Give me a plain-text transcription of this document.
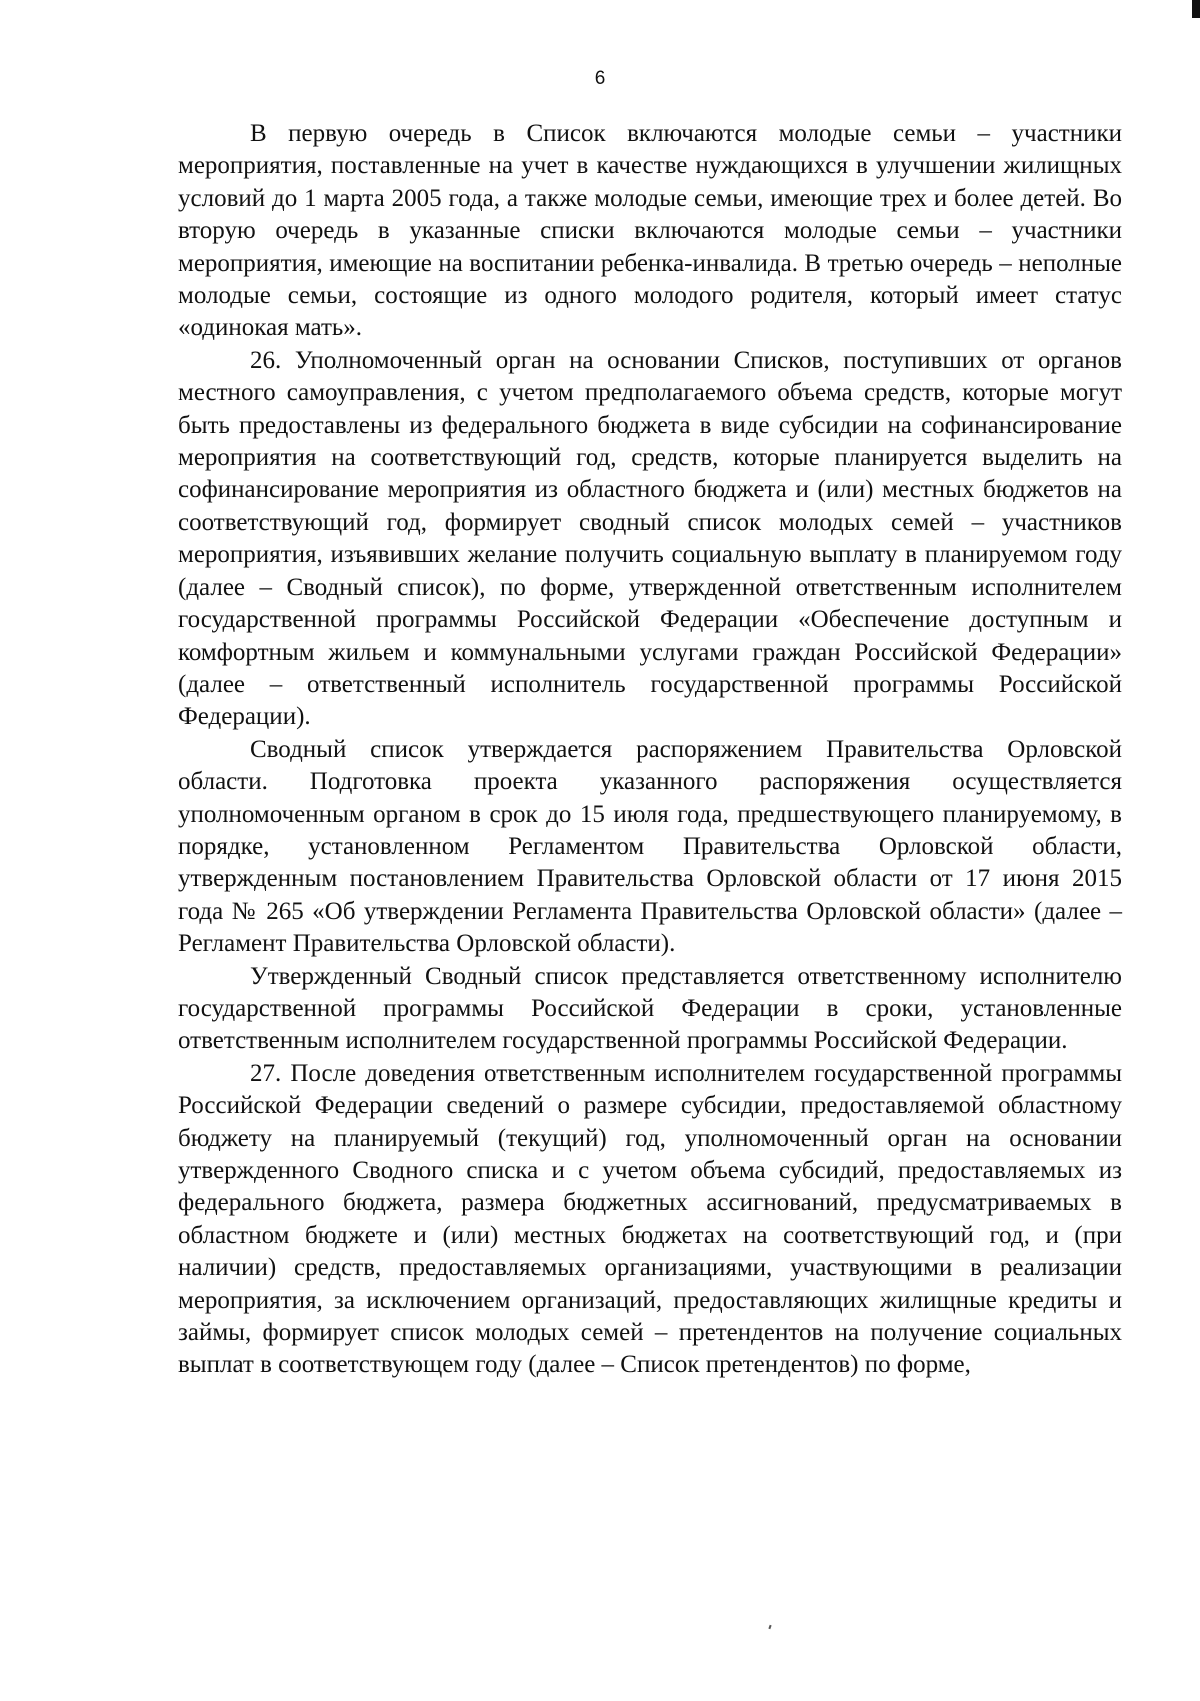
6

В первую очередь в Список включаются молодые семьи – участники мероприятия, поставленные на учет в качестве нуждающихся в улучшении жилищных условий до 1 марта 2005 года, а также молодые семьи, имеющие трех и более детей. Во вторую очередь в указанные списки включаются молодые семьи – участники мероприятия, имеющие на воспитании ребенка-инвалида. В третью очередь – неполные молодые семьи, состоящие из одного молодого родителя, который имеет статус «одинокая мать».

26. Уполномоченный орган на основании Списков, поступивших от органов местного самоуправления, с учетом предполагаемого объема средств, которые могут быть предоставлены из федерального бюджета в виде субсидии на софинансирование мероприятия на соответствующий год, средств, которые планируется выделить на софинансирование мероприятия из областного бюджета и (или) местных бюджетов на соответствующий год, формирует сводный список молодых семей – участников мероприятия, изъявивших желание получить социальную выплату в планируемом году (далее – Сводный список), по форме, утвержденной ответственным исполнителем государственной программы Российской Федерации «Обеспечение доступным и комфортным жильем и коммунальными услугами граждан Российской Федерации» (далее – ответственный исполнитель государственной программы Российской Федерации).

Сводный список утверждается распоряжением Правительства Орловской области. Подготовка проекта указанного распоряжения осуществляется уполномоченным органом в срок до 15 июля года, предшествующего планируемому, в порядке, установленном Регламентом Правительства Орловской области, утвержденным постановлением Правительства Орловской области от 17 июня 2015 года № 265 «Об утверждении Регламента Правительства Орловской области» (далее – Регламент Правительства Орловской области).

Утвержденный Сводный список представляется ответственному исполнителю государственной программы Российской Федерации в сроки, установленные ответственным исполнителем государственной программы Российской Федерации.

27. После доведения ответственным исполнителем государственной программы Российской Федерации сведений о размере субсидии, предоставляемой областному бюджету на планируемый (текущий) год, уполномоченный орган на основании утвержденного Сводного списка и с учетом объема субсидий, предоставляемых из федерального бюджета, размера бюджетных ассигнований, предусматриваемых в областном бюджете и (или) местных бюджетах на соответствующий год, и (при наличии) средств, предоставляемых организациями, участвующими в реализации мероприятия, за исключением организаций, предоставляющих жилищные кредиты и займы, формирует список молодых семей – претендентов на получение социальных выплат в соответствующем году (далее – Список претендентов) по форме,
